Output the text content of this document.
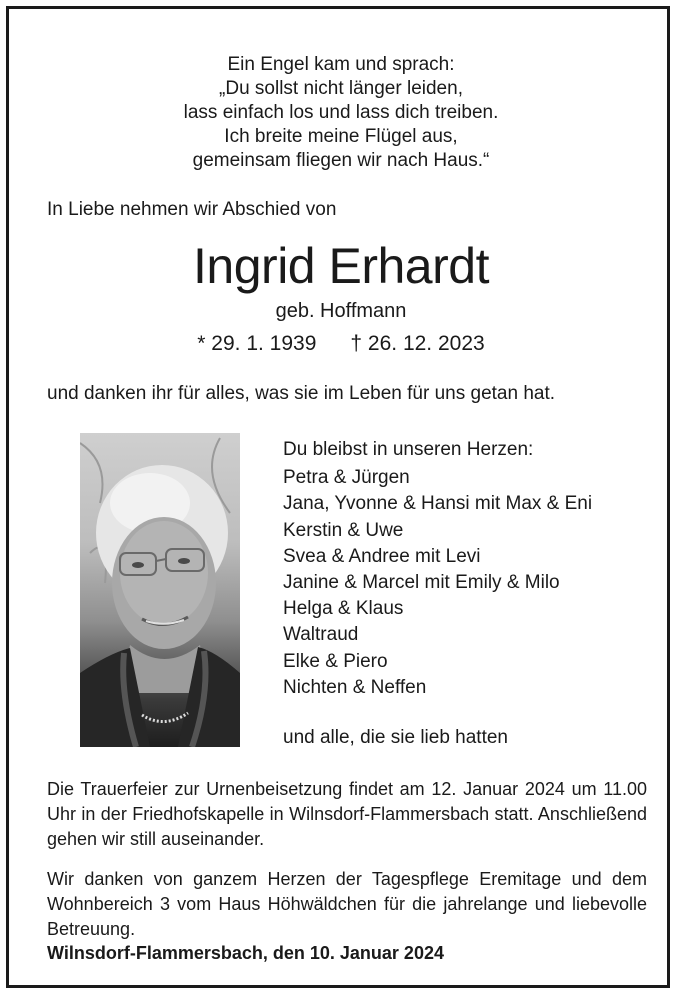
Ein Engel kam und sprach:
„Du sollst nicht länger leiden,
lass einfach los und lass dich treiben.
Ich breite meine Flügel aus,
gemeinsam fliegen wir nach Haus.“
In Liebe nehmen wir Abschied von
Ingrid Erhardt
geb. Hoffmann
* 29. 1. 1939 † 26. 12. 2023
und danken ihr für alles, was sie im Leben für uns getan hat.
Du bleibst in unseren Herzen:
Petra & Jürgen
Jana, Yvonne & Hansi mit Max & Eni
Kerstin & Uwe
Svea & Andree mit Levi
Janine & Marcel mit Emily & Milo
Helga & Klaus
Waltraud
Elke & Piero
Nichten & Neffen
und alle, die sie lieb hatten
Die Trauerfeier zur Urnenbeisetzung findet am 12. Januar 2024 um 11.00 Uhr in der Friedhofskapelle in Wilnsdorf-Flammersbach statt. Anschließend gehen wir still auseinander.
Wir danken von ganzem Herzen der Tagespflege Eremitage und dem Wohnbereich 3 vom Haus Höhwäldchen für die jahrelange und liebevolle Betreuung.
Wilnsdorf-Flammersbach, den 10. Januar 2024
